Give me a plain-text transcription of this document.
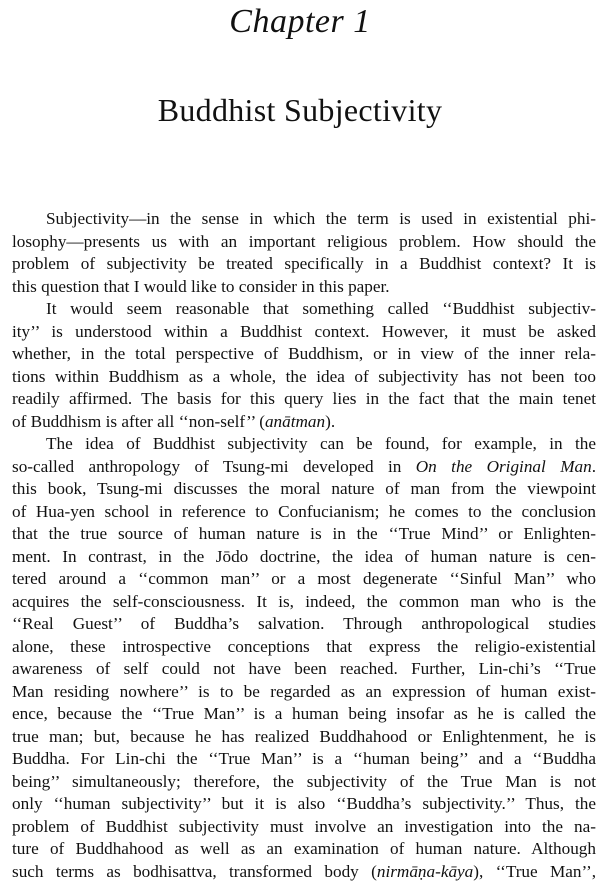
Chapter 1
Buddhist Subjectivity
Subjectivity—in the sense in which the term is used in existential phi-
losophy—presents us with an important religious problem. How should the
problem of subjectivity be treated specifically in a Buddhist context? It is
this question that I would like to consider in this paper.
It would seem reasonable that something called ‘‘Buddhist subjectiv-
ity’’ is understood within a Buddhist context. However, it must be asked
whether, in the total perspective of Buddhism, or in view of the inner rela-
tions within Buddhism as a whole, the idea of subjectivity has not been too
readily affirmed. The basis for this query lies in the fact that the main tenet
of Buddhism is after all ‘‘non-self’’ (anātman).
The idea of Buddhist subjectivity can be found, for example, in the
so-called anthropology of Tsung-mi developed in On the Original Man.
this book, Tsung-mi discusses the moral nature of man from the viewpoint
of Hua-yen school in reference to Confucianism; he comes to the conclusion
that the true source of human nature is in the ‘‘True Mind’’ or Enlighten-
ment. In contrast, in the Jōdo doctrine, the idea of human nature is cen-
tered around a ‘‘common man’’ or a most degenerate ‘‘Sinful Man’’ who
acquires the self-consciousness. It is, indeed, the common man who is the
‘‘Real Guest’’ of Buddha’s salvation. Through anthropological studies
alone, these introspective conceptions that express the religio-existential
awareness of self could not have been reached. Further, Lin-chi’s ‘‘True
Man residing nowhere’’ is to be regarded as an expression of human exist-
ence, because the ‘‘True Man’’ is a human being insofar as he is called the
true man; but, because he has realized Buddhahood or Enlightenment, he is
Buddha. For Lin-chi the ‘‘True Man’’ is a ‘‘human being’’ and a ‘‘Buddha
being’’ simultaneously; therefore, the subjectivity of the True Man is not
only ‘‘human subjectivity’’ but it is also ‘‘Buddha’s subjectivity.’’ Thus, the
problem of Buddhist subjectivity must involve an investigation into the na-
ture of Buddhahood as well as an examination of human nature. Although
such terms as bodhisattva, transformed body (nirmāṇa-kāya), ‘‘True Man’’,
